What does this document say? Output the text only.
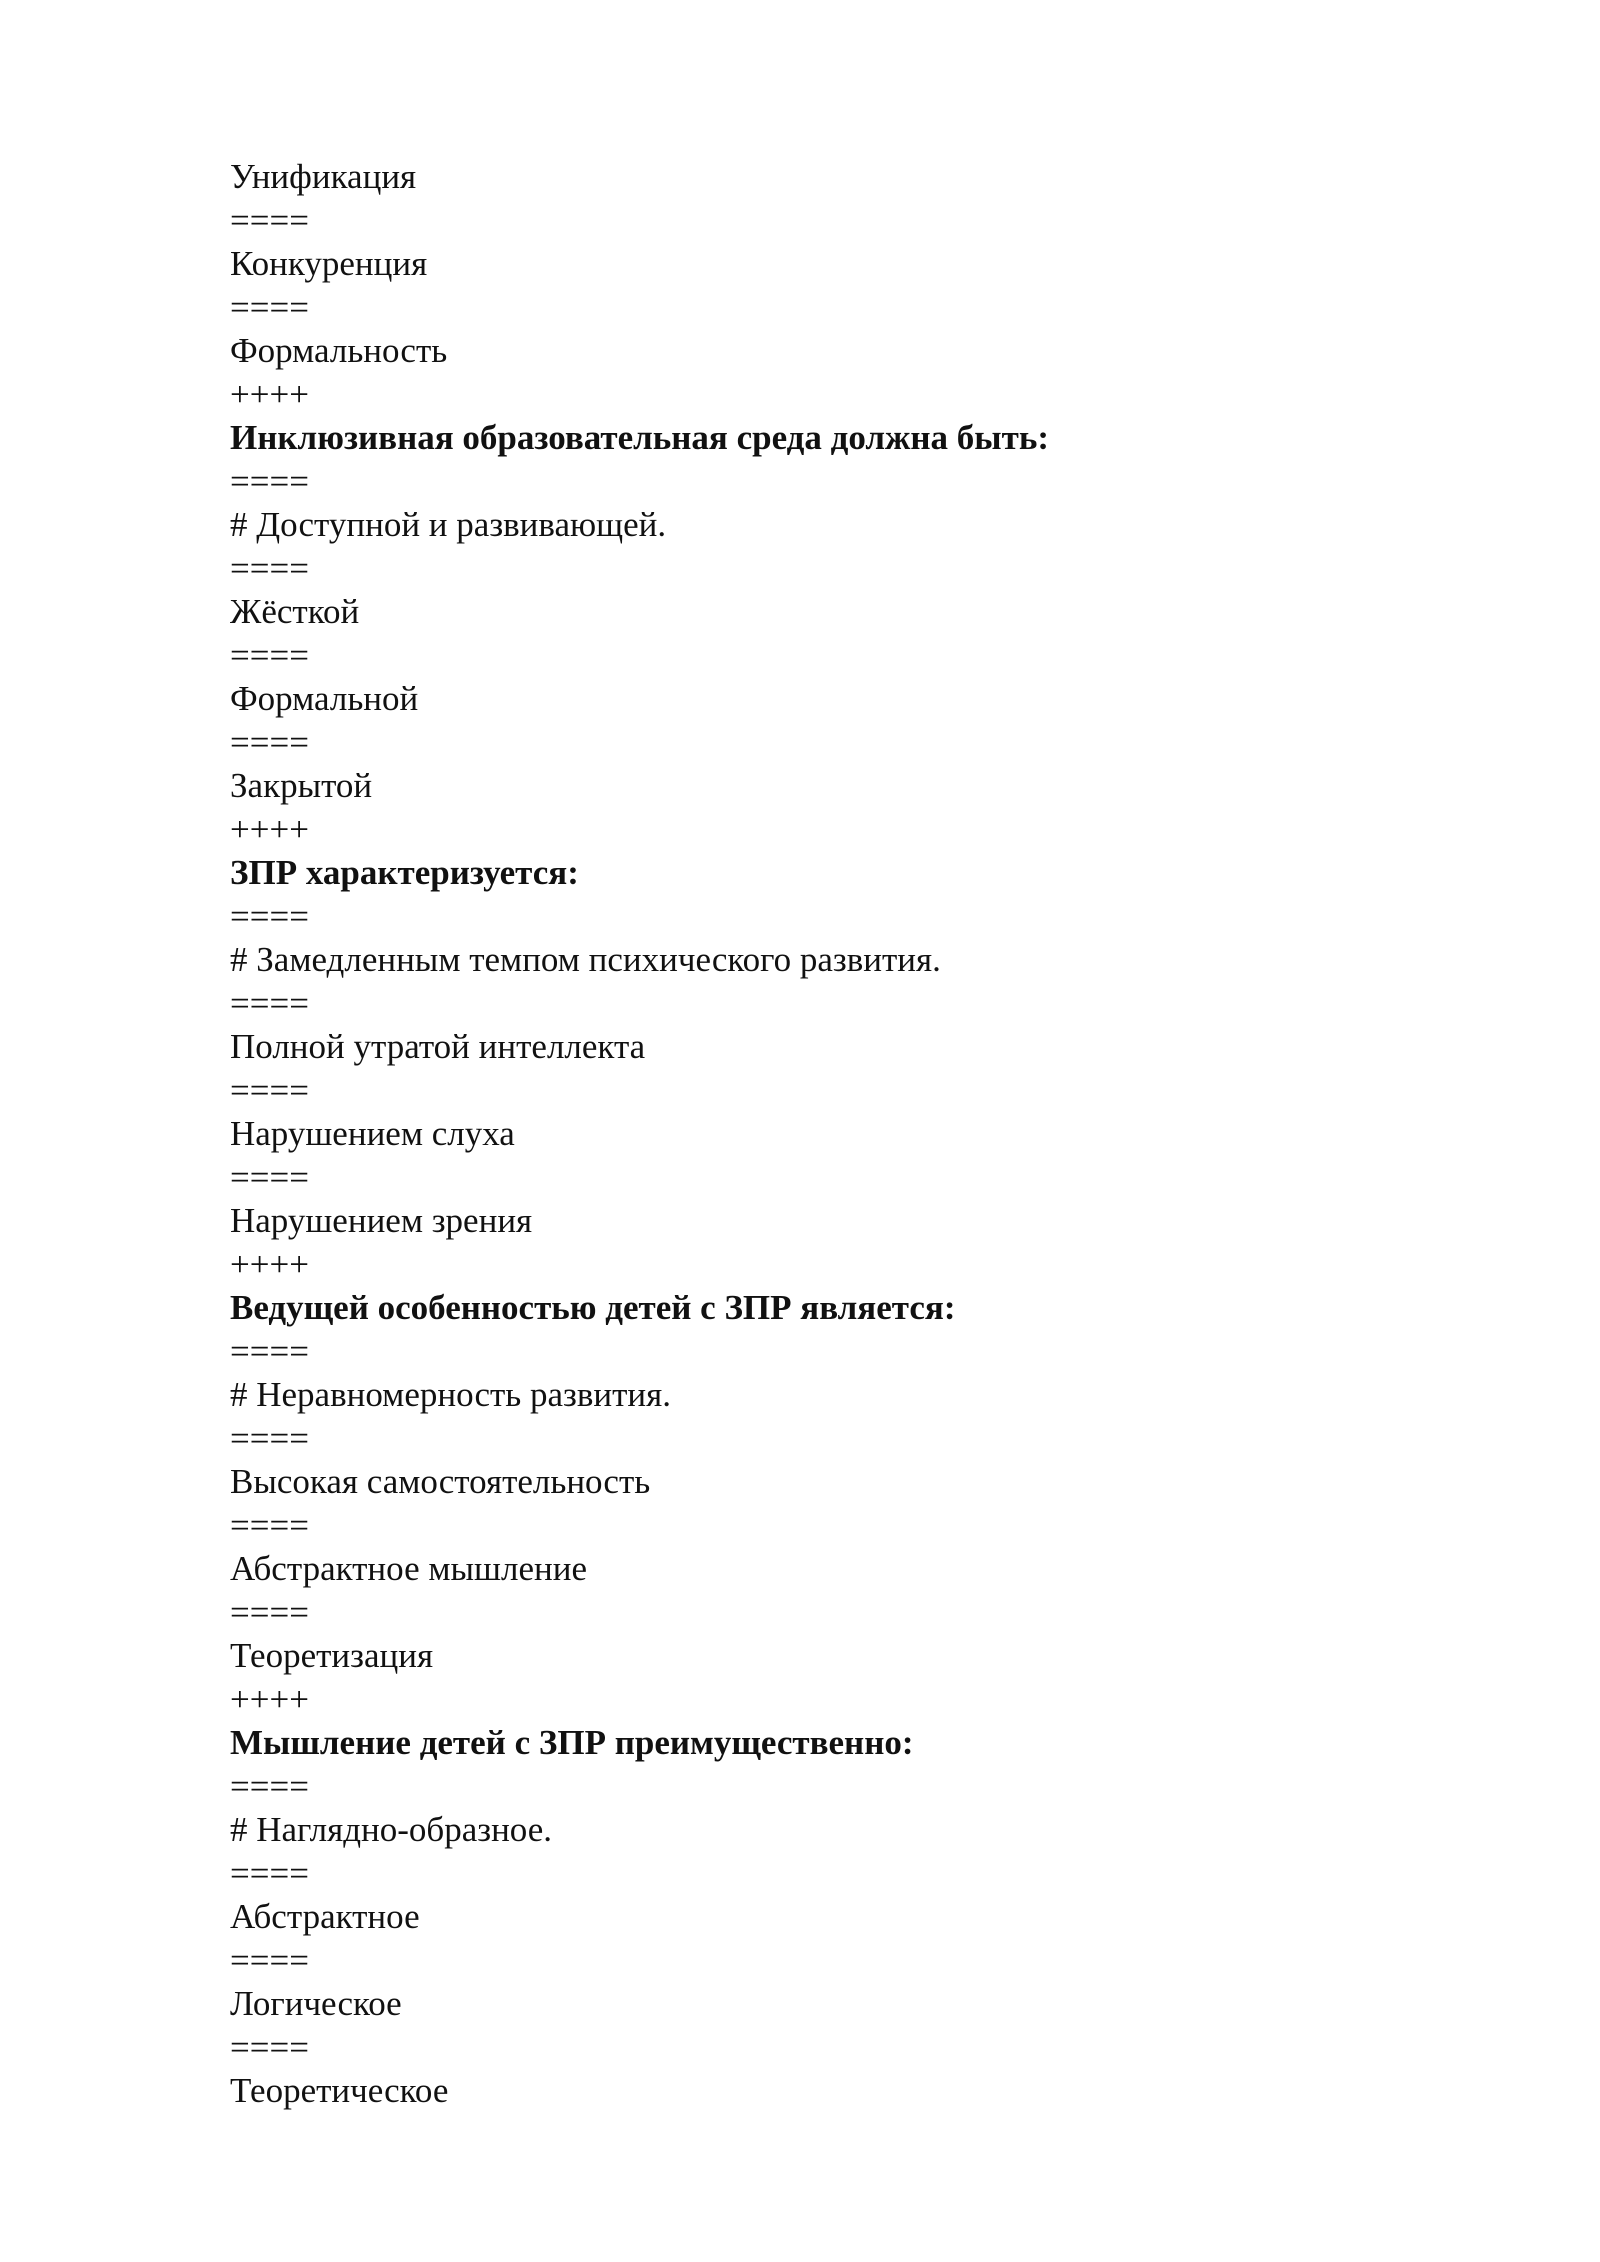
Унификация

====

Конкуренция

====

Формальность

++++

Инклюзивная образовательная среда должна быть:

====

# Доступной и развивающей.

====

Жёсткой

====

Формальной

====

Закрытой

++++

ЗПР характеризуется:

====

# Замедленным темпом психического развития.

====

Полной утратой интеллекта

====

Нарушением слуха

====

Нарушением зрения

++++

Ведущей особенностью детей с ЗПР является:

====

# Неравномерность развития.

====

Высокая самостоятельность

====

Абстрактное мышление

====

Теоретизация

++++

Мышление детей с ЗПР преимущественно:

====

# Наглядно-образное.

====

Абстрактное

====

Логическое

====

Теоретическое
